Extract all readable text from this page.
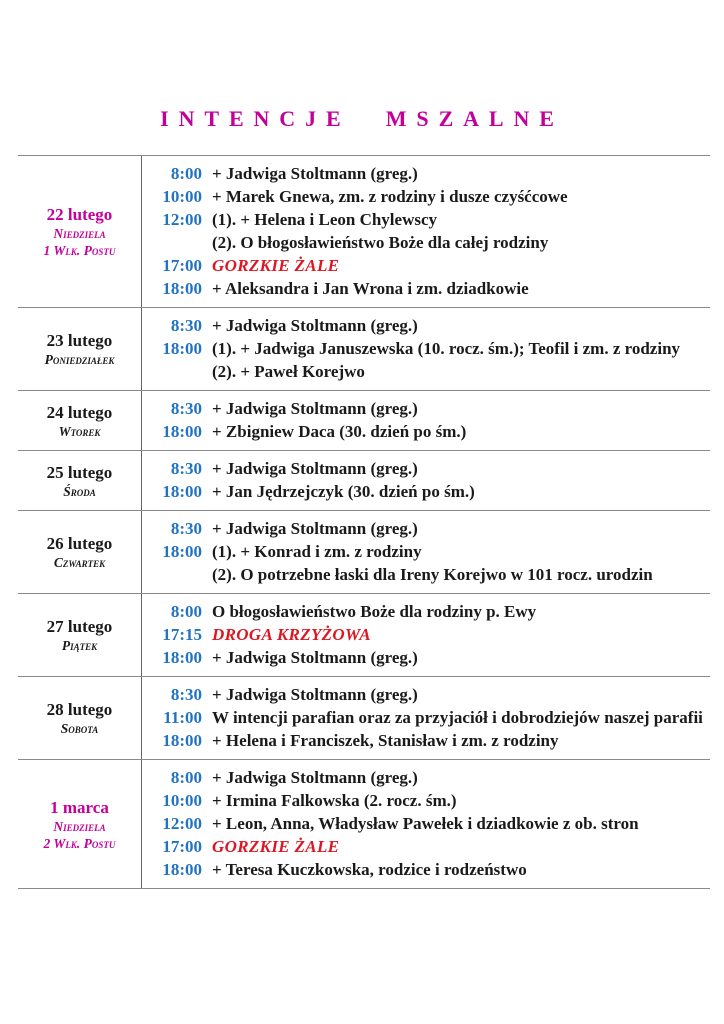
INTENCJE MSZALNE
22 lutego
Niedziela
1 Wlk. Postu
8:00 + Jadwiga Stoltmann (greg.)
10:00 + Marek Gnewa, zm. z rodziny i dusze czyśćcowe
12:00 (1). + Helena i Leon Chylewscy
(2). O błogosławieństwo Boże dla całej rodziny
17:00 GORZKIE ŻALE
18:00 + Aleksandra i Jan Wrona i zm. dziadkowie
23 lutego
Poniedziałek
8:30 + Jadwiga Stoltmann (greg.)
18:00 (1). + Jadwiga Januszewska (10. rocz. śm.); Teofil i zm. z rodziny
(2). + Paweł Korejwo
24 lutego
Wtorek
8:30 + Jadwiga Stoltmann (greg.)
18:00 + Zbigniew Daca (30. dzień po śm.)
25 lutego
Środa
8:30 + Jadwiga Stoltmann (greg.)
18:00 + Jan Jędrzejczyk (30. dzień po śm.)
26 lutego
Czwartek
8:30 + Jadwiga Stoltmann (greg.)
18:00 (1). + Konrad i zm. z rodziny
(2). O potrzebne łaski dla Ireny Korejwo w 101 rocz. urodzin
27 lutego
Piątek
8:00 O błogosławieństwo Boże dla rodziny p. Ewy
17:15 DROGA KRZYŻOWA
18:00 + Jadwiga Stoltmann (greg.)
28 lutego
Sobota
8:30 + Jadwiga Stoltmann (greg.)
11:00 W intencji parafian oraz za przyjaciół i dobrodziejów naszej parafii
18:00 + Helena i Franciszek, Stanisław i zm. z rodziny
1 marca
Niedziela
2 Wlk. Postu
8:00 + Jadwiga Stoltmann (greg.)
10:00 + Irmina Falkowska (2. rocz. śm.)
12:00 + Leon, Anna, Władysław Pawełek i dziadkowie z ob. stron
17:00 GORZKIE ŻALE
18:00 + Teresa Kuczkowska, rodzice i rodzeństwo
